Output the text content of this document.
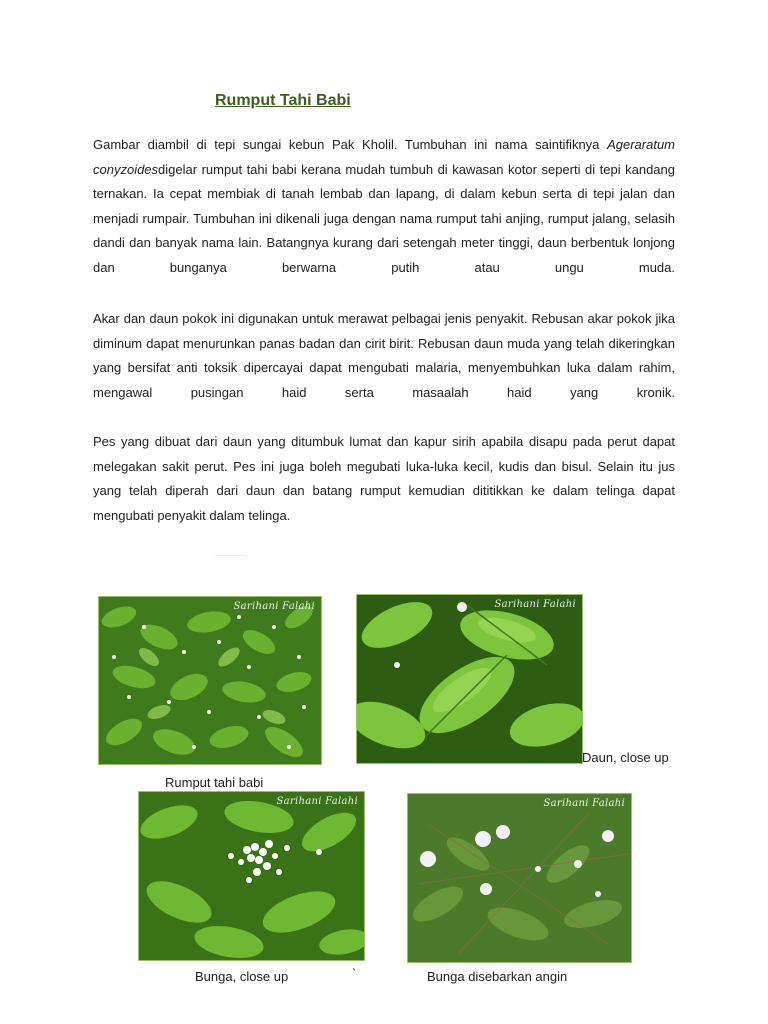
Rumput Tahi Babi

Gambar diambil di tepi sungai kebun Pak Kholil. Tumbuhan ini nama saintifiknya Agerаratum conyzoidesdigelar rumput tahi babi kerana mudah tumbuh di kawasan kotor seperti di tepi kandang ternakan. Ia cepat membiak di tanah lembab dan lapang, di dalam kebun serta di tepi jalan dan menjadi rumpair. Tumbuhan ini dikenali juga dengan nama rumput tahi anjing, rumput jalang, selasih dandi dan banyak nama lain. Batangnya kurang dari setengah meter tinggi, daun berbentuk lonjong dan bunganya berwarna putih atau ungu muda.

Akar dan daun pokok ini digunakan untuk merawat pelbagai jenis penyakit. Rebusan akar pokok jika diminum dapat menurunkan panas badan dan cirit birit. Rebusan daun muda yang telah dikeringkan yang bersifat anti toksik dipercayai dapat mengubati malaria, menyembuhkan luka dalam rahim, mengawal pusingan haid serta masaalah haid yang kronik.

Pes yang dibuat dari daun yang ditumbuk lumat dan kapur sirih apabila disapu pada perut dapat melegakan sakit perut. Pes ini juga boleh megubati luka-luka kecil, kudis dan bisul. Selain itu jus yang telah diperah dari daun dan batang rumput kemudian dititikkan ke dalam telinga dapat mengubati penyakit dalam telinga.

Sarihani Falahi	Sarihani Falahi
Sarihani Falahi	Sarihani Falahi
Daun, close up
Rumput tahi babi
Bunga, close up	`	Bunga disebarkan angin
